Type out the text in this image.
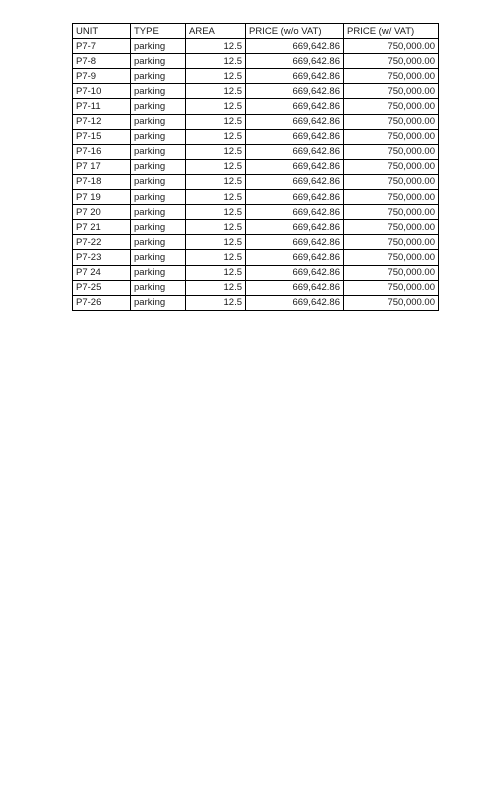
UNIT	TYPE	AREA	PRICE (w/o VAT)	PRICE (w/ VAT)
P7-7	parking	12.5	669,642.86	750,000.00
P7-8	parking	12.5	669,642.86	750,000.00
P7-9	parking	12.5	669,642.86	750,000.00
P7-10	parking	12.5	669,642.86	750,000.00
P7-11	parking	12.5	669,642.86	750,000.00
P7-12	parking	12.5	669,642.86	750,000.00
P7-15	parking	12.5	669,642.86	750,000.00
P7-16	parking	12.5	669,642.86	750,000.00
P7 17	parking	12.5	669,642.86	750,000.00
P7-18	parking	12.5	669,642.86	750,000.00
P7 19	parking	12.5	669,642.86	750,000.00
P7 20	parking	12.5	669,642.86	750,000.00
P7 21	parking	12.5	669,642.86	750,000.00
P7-22	parking	12.5	669,642.86	750,000.00
P7-23	parking	12.5	669,642.86	750,000.00
P7 24	parking	12.5	669,642.86	750,000.00
P7-25	parking	12.5	669,642.86	750,000.00
P7-26	parking	12.5	669,642.86	750,000.00
